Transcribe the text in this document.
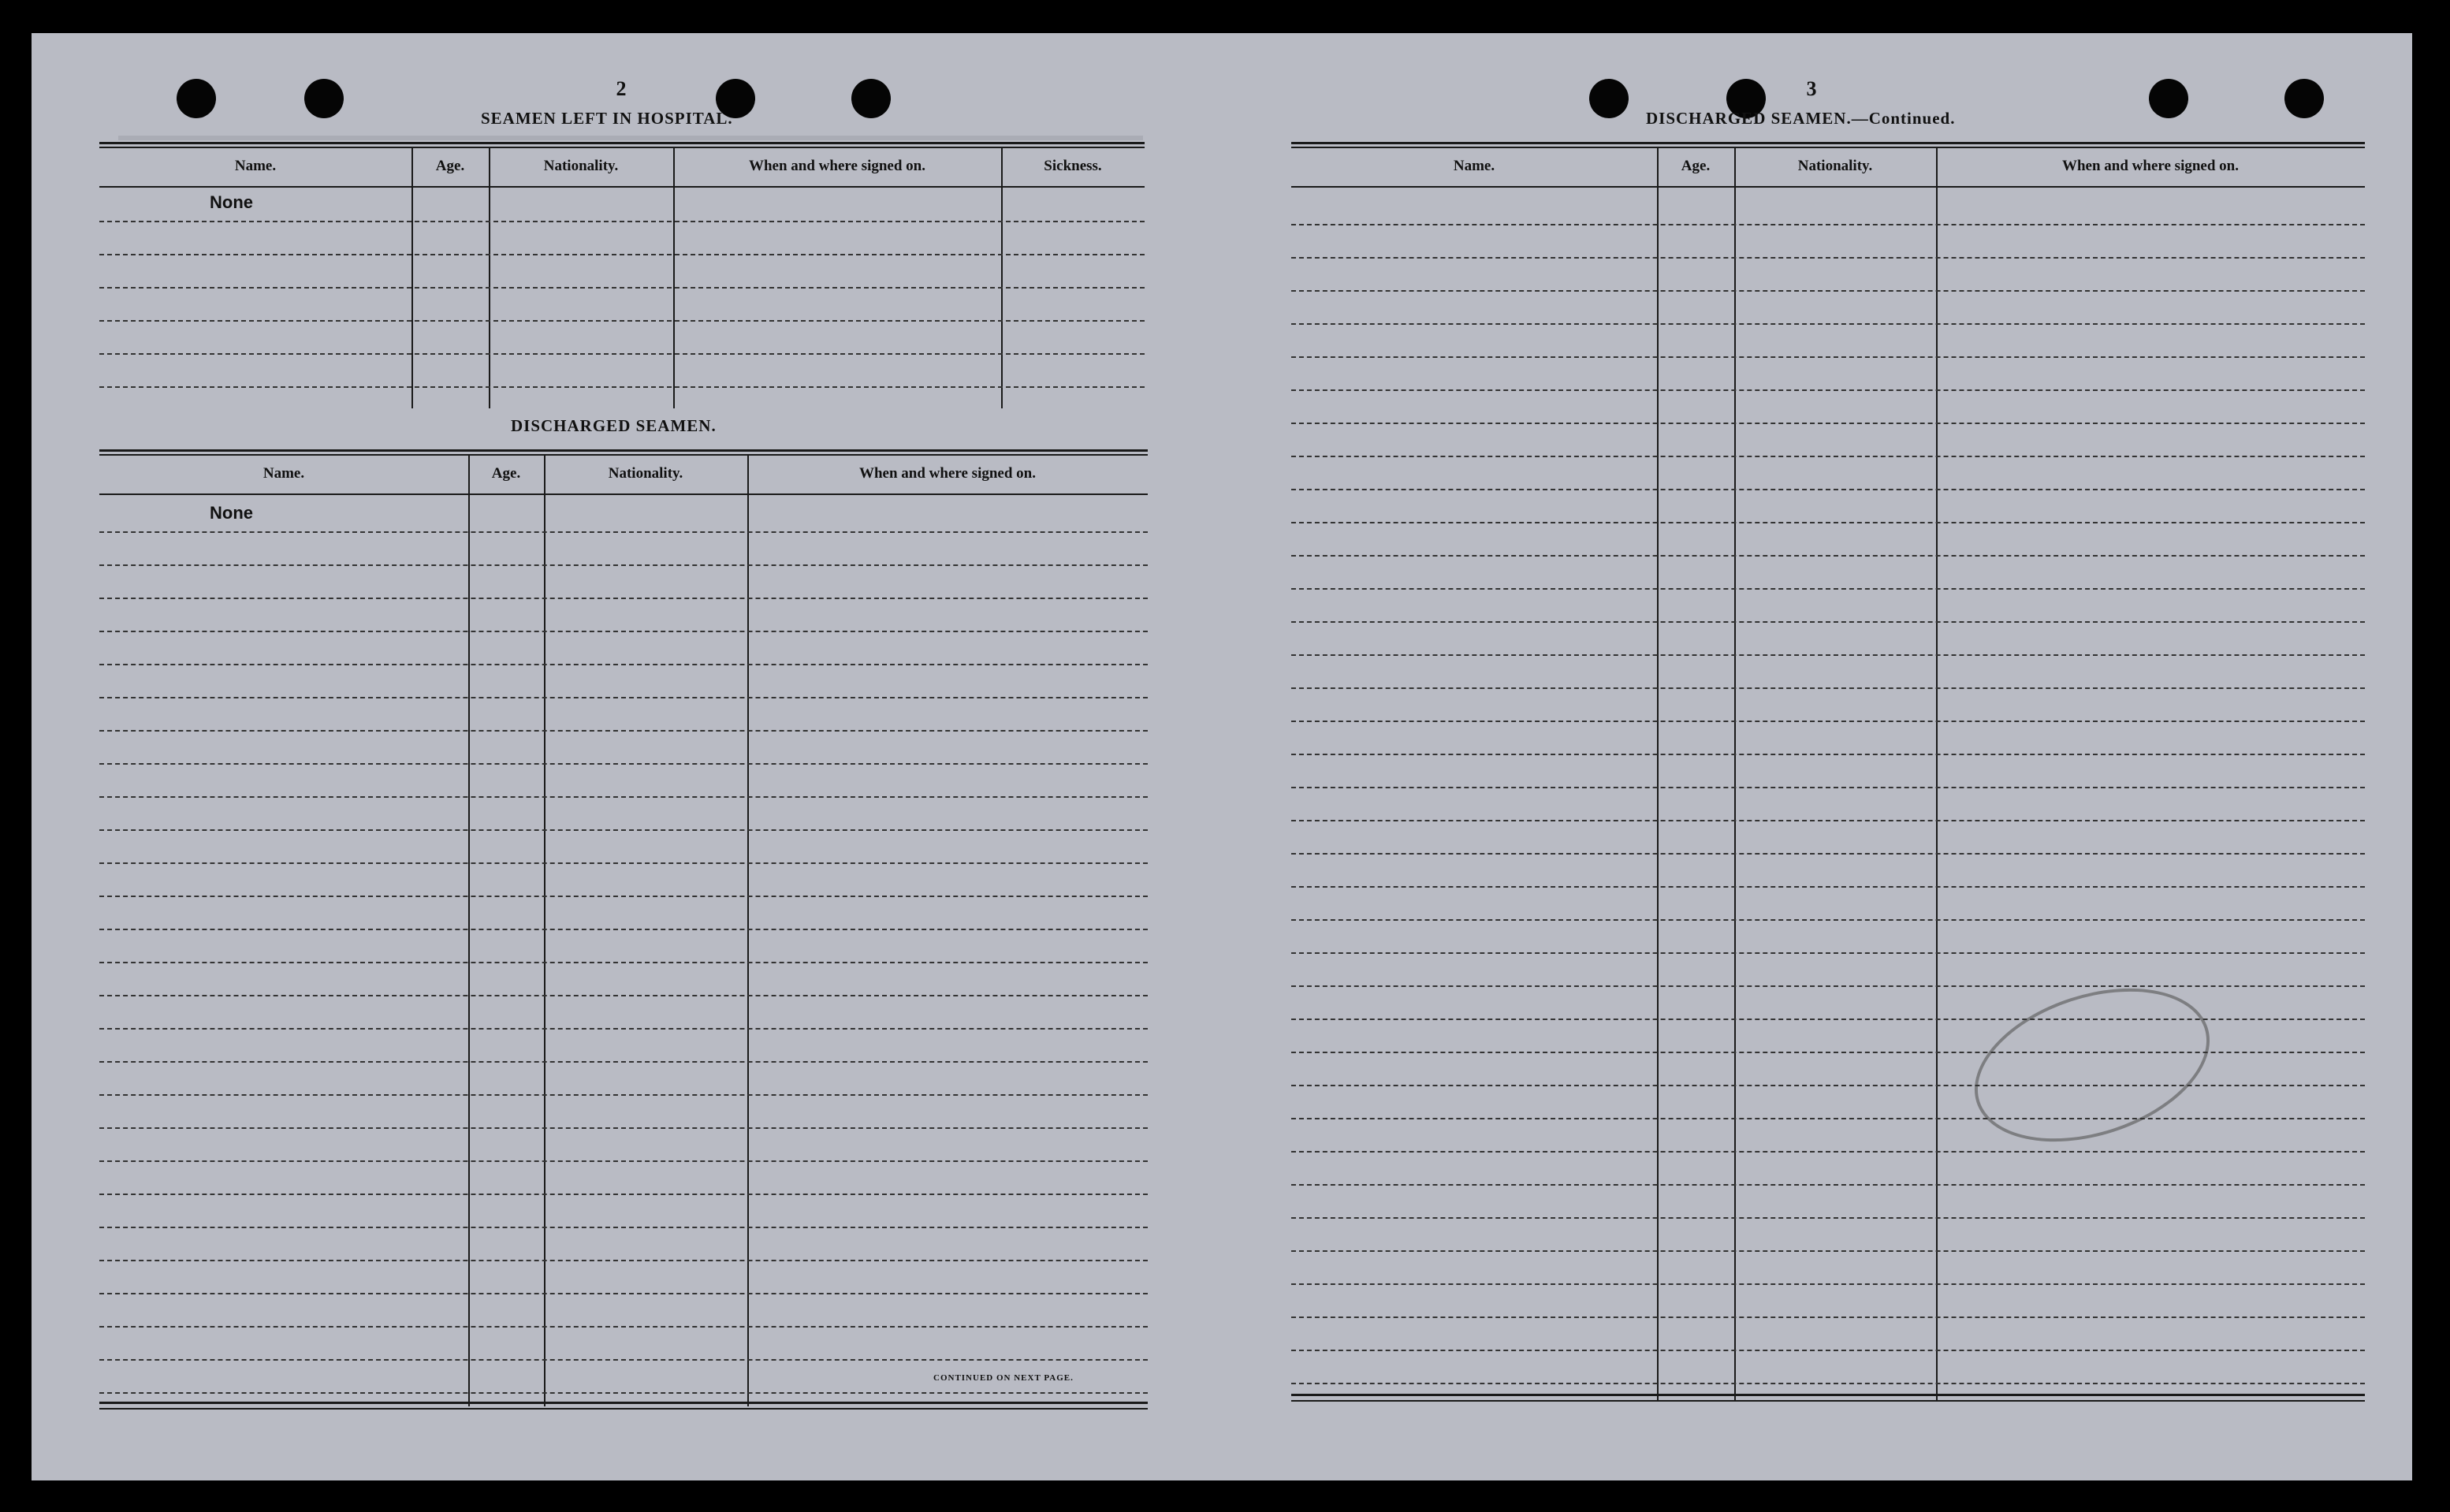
2
SEAMEN LEFT IN HOSPITAL.
Name.	Age.	Nationality.	When and where signed on.	Sickness.
None
DISCHARGED SEAMEN.
Name.	Age.	Nationality.	When and where signed on.
None
CONTINUED ON NEXT PAGE.
3
DISCHARGED SEAMEN.—Continued.
Name.	Age.	Nationality.	When and where signed on.
